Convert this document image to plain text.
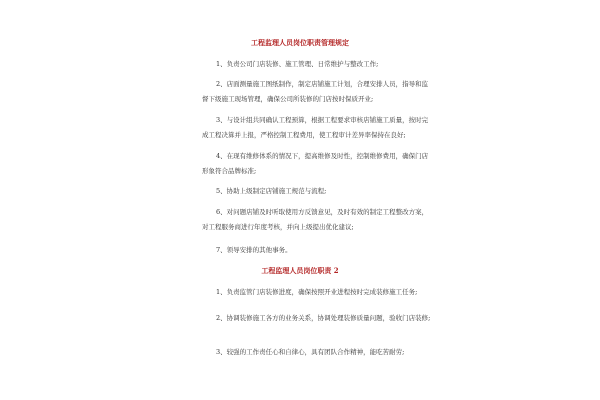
工程监理人员岗位职责管理规定
1、负责公司门店装修、施工管理、日常维护与整改工作;
2、店面测量施工图纸制作，制定店铺施工计划，合理安排人员，指导和监
督下级施工现场管理，确保公司所装修的门店按时保质开业;
3、与设计组共同确认工程预算，根据工程要求审核店铺施工质量，按时完
成工程决算并上报，严格控制工程费用，使工程审计差异率保持在良好;
4、在现有维修体系的情况下，提高维修及时性，控制维修费用，确保门店
形象符合品牌标准;
5、协助上级制定店铺施工规范与流程;
6、对问题店铺及时听取使用方反馈意见，及时有效的制定工程整改方案，
对工程服务商进行年度考核，并向上级提出优化建议;
7、领导安排的其他事务。
工程监理人员岗位职责 2
1、负责监管门店装修进度，确保按照开业进程按时完成装修施工任务;
2、协调装修施工各方的业务关系，协调处理装修质量问题，验收门店装修;
3、较强的工作责任心和自律心，具有团队合作精神，能吃苦耐劳;
